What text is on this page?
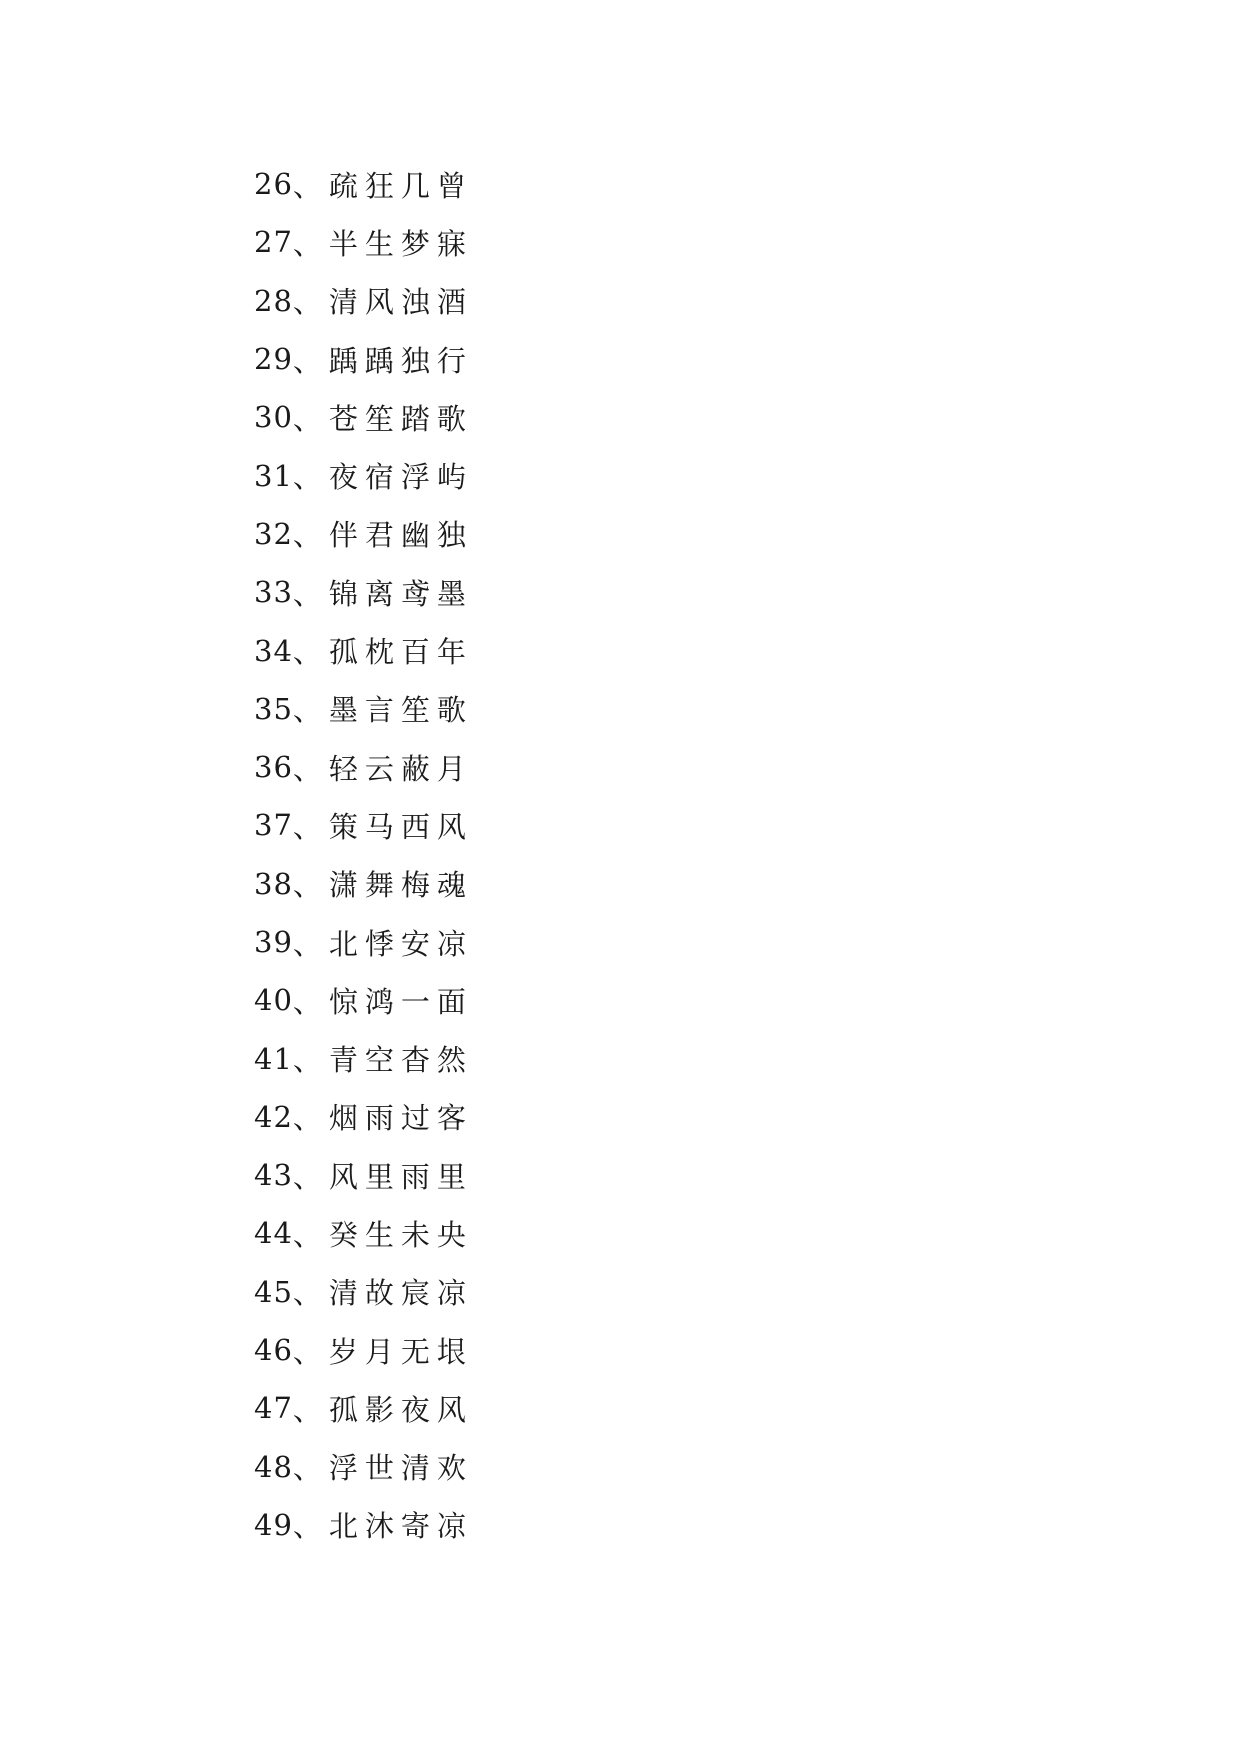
26 、 疏狂几曾
27 、 半生梦寐
28 、 清风浊酒
29 、 踽踽独行
30 、 苍笙踏歌
31 、 夜宿浮屿
32 、 伴君幽独
33 、 锦离鸢墨
34 、 孤枕百年
35 、 墨言笙歌
36 、 轻云蔽月
37 、 策马西风
38 、 潇舞梅魂
39 、 北悸安凉
40 、 惊鸿一面
41 、 青空杳然
42 、 烟雨过客
43 、 风里雨里
44 、 癸生未央
45 、 清故宸凉
46 、 岁月无垠
47 、 孤影夜风
48 、 浮世清欢
49 、 北沐寄凉
